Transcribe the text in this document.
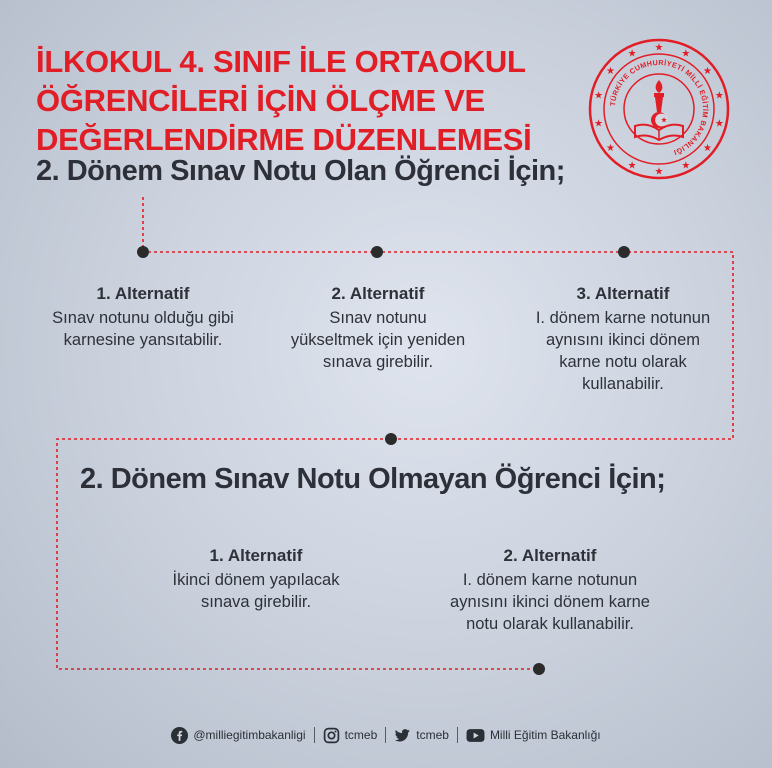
İLKOKUL 4. SINIF İLE ORTAOKUL
ÖĞRENCİLERİ İÇİN ÖLÇME VE
DEĞERLENDİRME DÜZENLEMESİ
★
★
★
★
★
★
★
★
★
★
★
★
★
★
TÜRKİYE CUMHURİYETİ MİLLİ EĞİTİM BAKANLIĞI
2. Dönem Sınav Notu Olan Öğrenci İçin;
2. Dönem Sınav Notu Olmayan Öğrenci İçin;
1. Alternatif
Sınav notunu olduğu gibi
karnesine yansıtabilir.
2. Alternatif
Sınav notunu
yükseltmek için yeniden
sınava girebilir.
3. Alternatif
I. dönem karne notunun
aynısını ikinci dönem
karne notu olarak
kullanabilir.
1. Alternatif
İkinci dönem yapılacak
sınava girebilir.
2. Alternatif
I. dönem karne notunun
aynısını ikinci dönem karne
notu olarak kullanabilir.
@milliegitimbakanligi	tcmeb	tcmeb	Milli Eğitim Bakanlığı
